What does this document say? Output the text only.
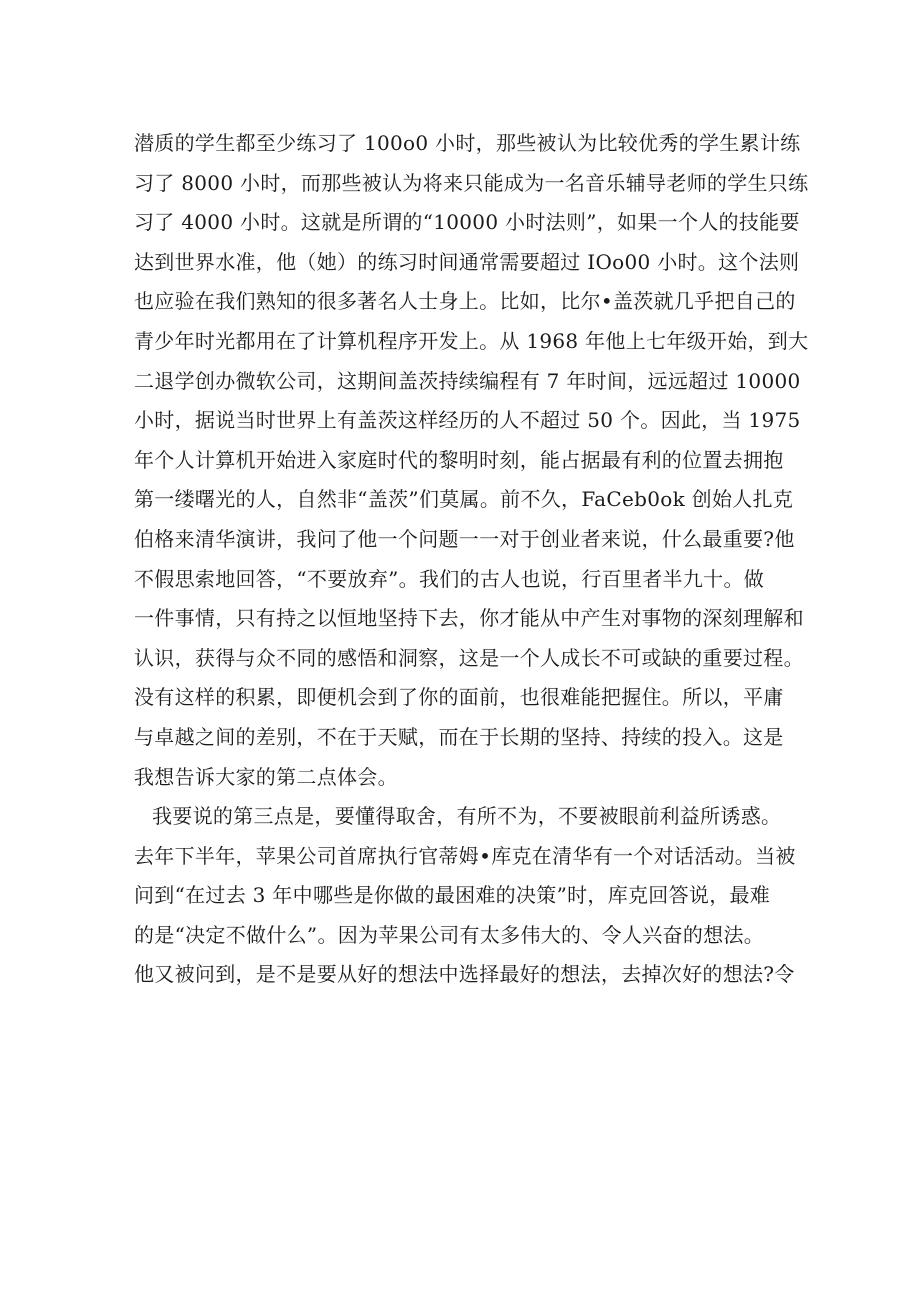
潜质的学生都至少练习了 100o0 小时，那些被认为比较优秀的学生累计练
习了 8000 小时，而那些被认为将来只能成为一名音乐辅导老师的学生只练
习了 4000 小时。这就是所谓的“10000 小时法则”，如果一个人的技能要
达到世界水准，他（她）的练习时间通常需要超过 IOo00 小时。这个法则
也应验在我们熟知的很多著名人士身上。比如，比尔•盖茨就几乎把自己的
青少年时光都用在了计算机程序开发上。从 1968 年他上七年级开始，到大
二退学创办微软公司，这期间盖茨持续编程有 7 年时间，远远超过 10000
小时，据说当时世界上有盖茨这样经历的人不超过 50 个。因此，当 1975
年个人计算机开始进入家庭时代的黎明时刻，能占据最有利的位置去拥抱
第一缕曙光的人，自然非“盖茨”们莫属。前不久，FaCeb0ok 创始人扎克
伯格来清华演讲，我问了他一个问题一一对于创业者来说，什么最重要?他
不假思索地回答，“不要放弃”。我们的古人也说，行百里者半九十。做
一件事情，只有持之以恒地坚持下去，你才能从中产生对事物的深刻理解和
认识，获得与众不同的感悟和洞察，这是一个人成长不可或缺的重要过程。
没有这样的积累，即便机会到了你的面前，也很难能把握住。所以，平庸
与卓越之间的差别，不在于天赋，而在于长期的坚持、持续的投入。这是
我想告诉大家的第二点体会。
我要说的第三点是，要懂得取舍，有所不为，不要被眼前利益所诱惑。
去年下半年，苹果公司首席执行官蒂姆•库克在清华有一个对话活动。当被
问到“在过去 3 年中哪些是你做的最困难的决策”时，库克回答说，最难
的是“决定不做什么”。因为苹果公司有太多伟大的、令人兴奋的想法。
他又被问到，是不是要从好的想法中选择最好的想法，去掉次好的想法?令
